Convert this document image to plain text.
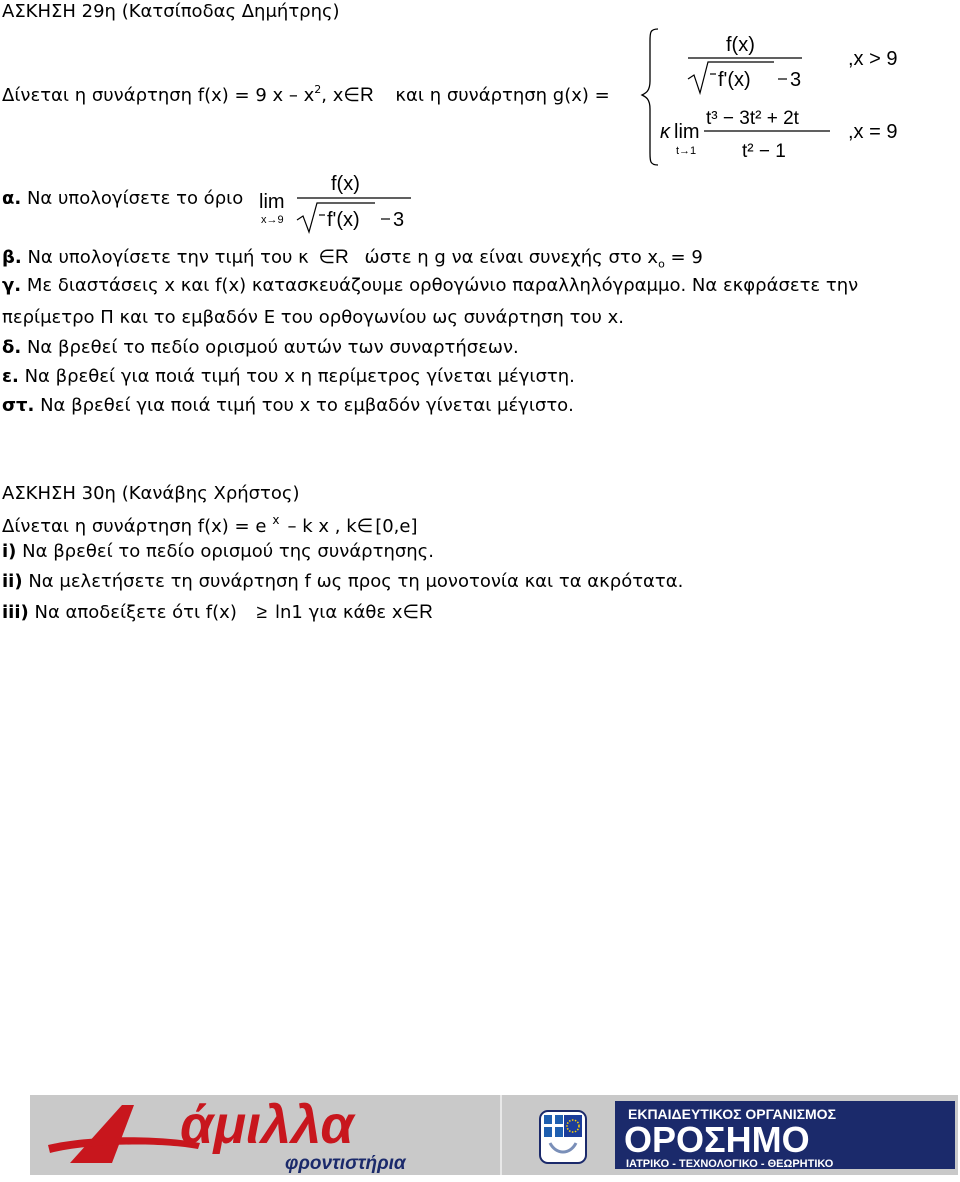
ΑΣΚΗΣΗ 29η (Κατσίποδας Δημήτρης)
Δίνεται η συνάρτηση f(x) = 9 x – $x^2$, x∈R και η συνάρτηση g(x) =
f(x)
f'(x) 3
,x > 9
κ lim
t→1
t³ − 3t² + 2t
t² − 1
,x = 9
α. Να υπολογίσετε το όριο lim
x→9
f(x)
f'(x) 3
β. Να υπολογίσετε την τιμή του κ ∈R ώστε η g να είναι συνεχής στο $x_o = 9$
γ. Με διαστάσεις x και f(x) κατασκευάζουμε ορθογώνιο παραλληλόγραμμο. Να εκφράσετε την
περίμετρο Π και το εμβαδόν Ε του ορθογωνίου ως συνάρτηση του x.
δ. Να βρεθεί το πεδίο ορισμού αυτών των συναρτήσεων.
ε. Να βρεθεί για ποιά τιμή του x η περίμετρος γίνεται μέγιστη.
στ. Να βρεθεί για ποιά τιμή του x το εμβαδόν γίνεται μέγιστο.
ΑΣΚΗΣΗ 30η (Κανάβης Χρήστος)
Δίνεται η συνάρτηση f(x) = e $^x$ – k x , k∈ [0,e]
i) Να βρεθεί το πεδίο ορισμού της συνάρτησης.
ii) Να μελετήσετε τη συνάρτηση f ως προς τη μονοτονία και τα ακρότατα.
iii) Να αποδείξετε ότι f(x) ≥ ln1 για κάθε x∈R
άμιλλα
φροντιστήρια
ΕΚΠΑΙΔΕΥΤΙΚΟΣ ΟΡΓΑΝΙΣΜΟΣ
ΟΡΟΣΗΜΟ
ΙΑΤΡΙΚΟ - ΤΕΧΝΟΛΟΓΙΚΟ - ΘΕΩΡΗΤΙΚΟ
